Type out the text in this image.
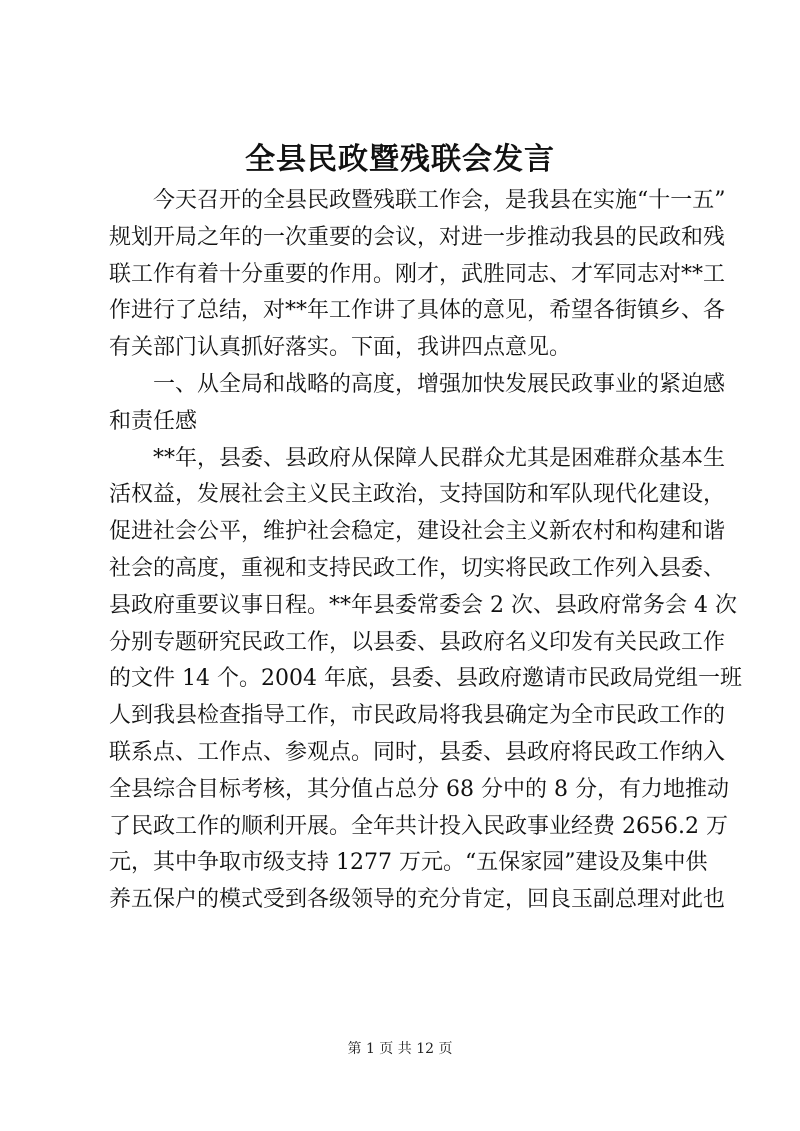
全县民政暨残联会发言
今天召开的全县民政暨残联工作会，是我县在实施“十一五”
规划开局之年的一次重要的会议，对进一步推动我县的民政和残
联工作有着十分重要的作用。刚才，武胜同志、才军同志对**工
作进行了总结，对**年工作讲了具体的意见，希望各街镇乡、各
有关部门认真抓好落实。下面，我讲四点意见。
一、从全局和战略的高度，增强加快发展民政事业的紧迫感
和责任感
**年，县委、县政府从保障人民群众尤其是困难群众基本生
活权益，发展社会主义民主政治，支持国防和军队现代化建设，
促进社会公平，维护社会稳定，建设社会主义新农村和构建和谐
社会的高度，重视和支持民政工作，切实将民政工作列入县委、
县政府重要议事日程。**年县委常委会 2 次、县政府常务会 4 次
分别专题研究民政工作，以县委、县政府名义印发有关民政工作
的文件 14 个。2004 年底，县委、县政府邀请市民政局党组一班
人到我县检查指导工作，市民政局将我县确定为全市民政工作的
联系点、工作点、参观点。同时，县委、县政府将民政工作纳入
全县综合目标考核，其分值占总分 68 分中的 8 分，有力地推动
了民政工作的顺利开展。全年共计投入民政事业经费 2656.2 万
元，其中争取市级支持 1277 万元。“五保家园”建设及集中供
养五保户的模式受到各级领导的充分肯定，回良玉副总理对此也
第 1 页 共 12 页
